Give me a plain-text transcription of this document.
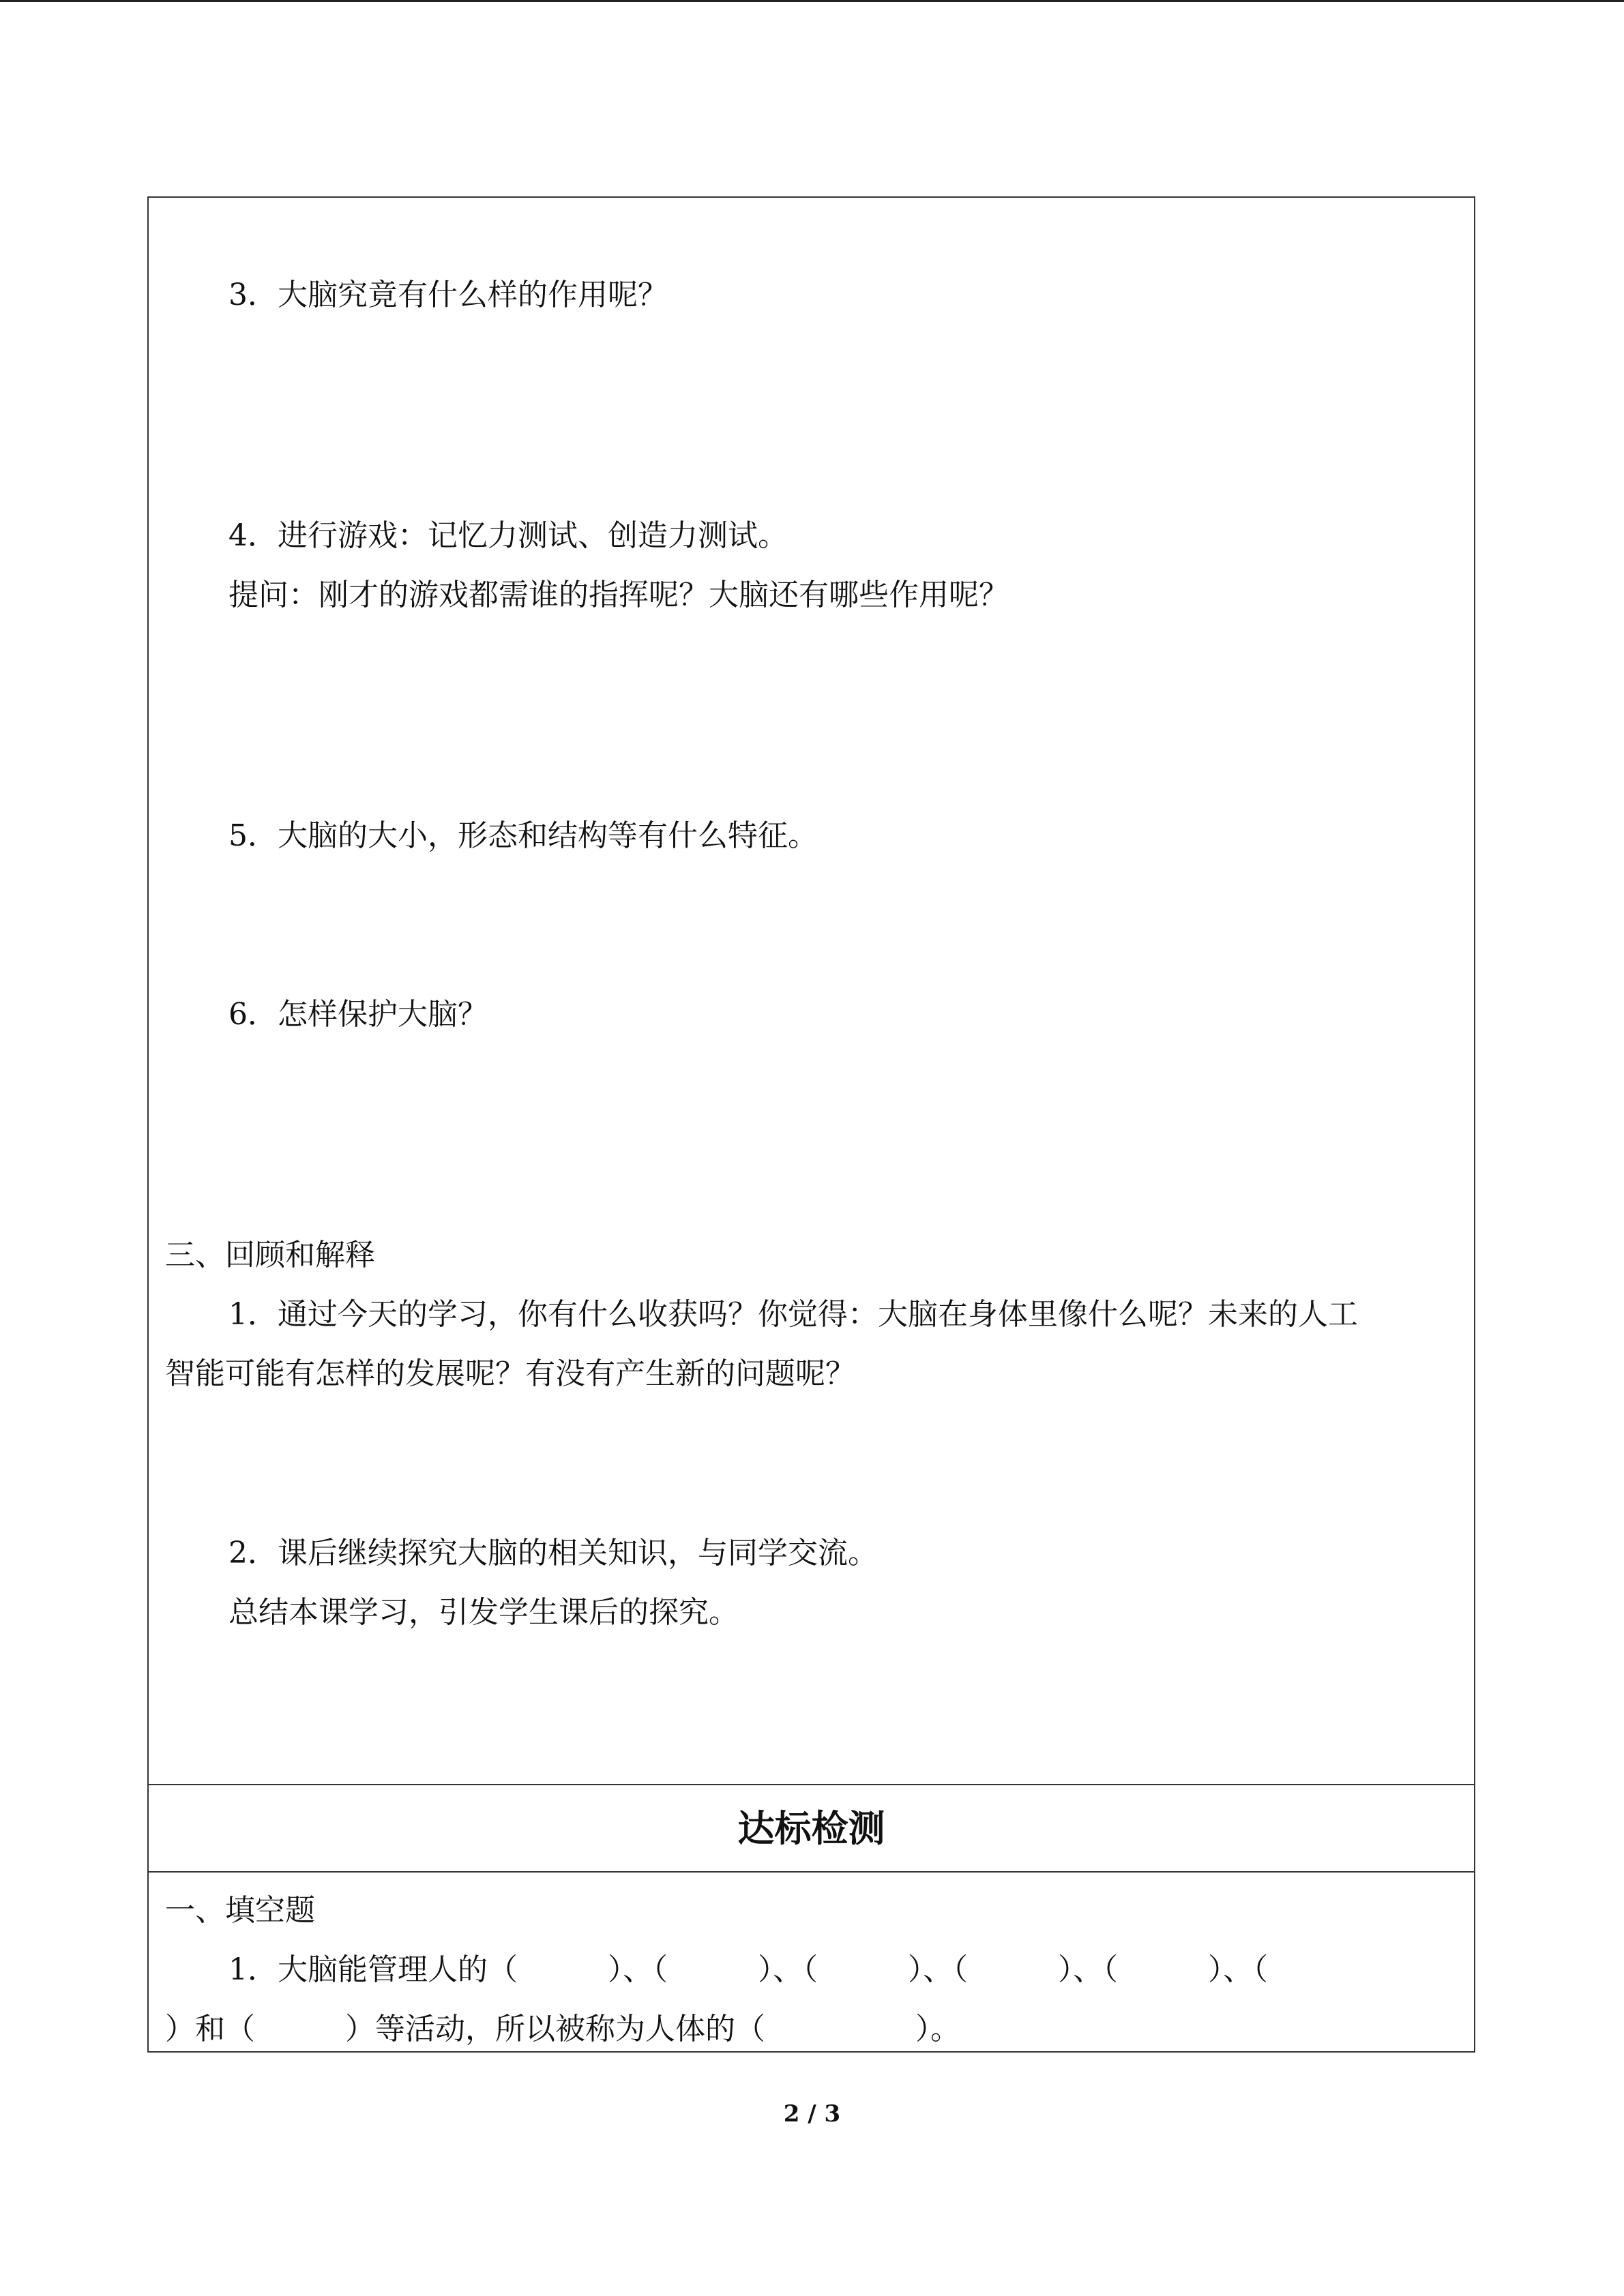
3．大脑究竟有什么样的作用呢？

4．进行游戏：记忆力测试、创造力测试。

提问：刚才的游戏都需谁的指挥呢？大脑还有哪些作用呢？

5．大脑的大小，形态和结构等有什么特征。

6．怎样保护大脑？

三、回顾和解释

1．通过今天的学习，你有什么收获吗？你觉得：大脑在身体里像什么呢？未来的人工

智能可能有怎样的发展呢？有没有产生新的问题呢？

2．课后继续探究大脑的相关知识，与同学交流。

总结本课学习，引发学生课后的探究。

达标检测

一、填空题

1．大脑能管理人的（　　　）、（　　　）、（　　　）、（　　　）、（　　　）、（

）和（　　　）等活动，所以被称为人体的（　　　　　）。

2 / 3
